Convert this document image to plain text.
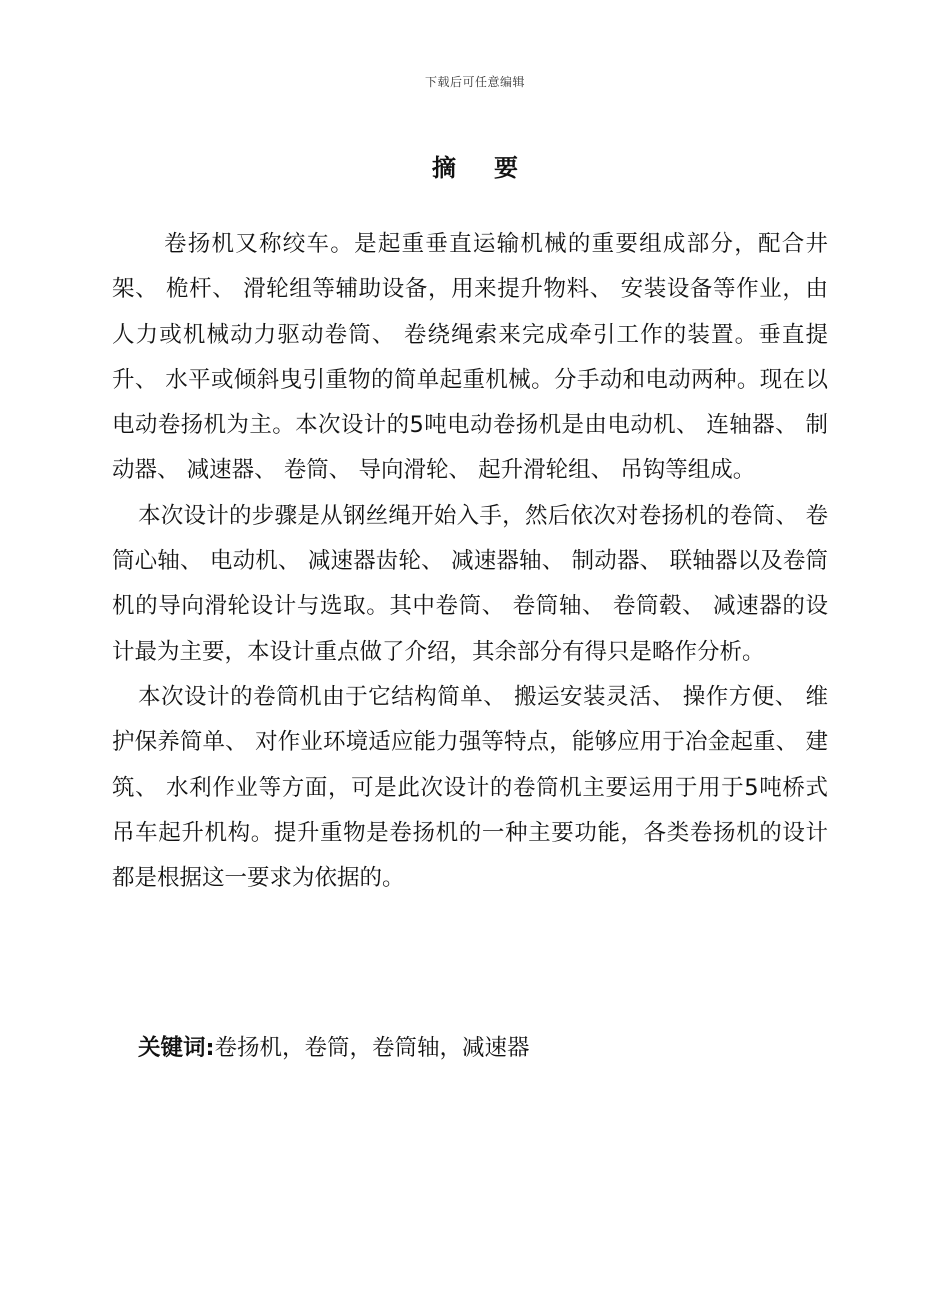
下载后可任意编辑
摘要

卷扬机又称绞车。是起重垂直运输机械的重要组成部分，配合井架、 桅杆、 滑轮组等辅助设备，用来提升物料、 安装设备等作业，由人力或机械动力驱动卷筒、 卷绕绳索来完成牵引工作的装置。垂直提升、 水平或倾斜曳引重物的简单起重机械。分手动和电动两种。现在以电动卷扬机为主。本次设计的5吨电动卷扬机是由电动机、 连轴器、 制动器、 减速器、 卷筒、 导向滑轮、 起升滑轮组、 吊钩等组成。

本次设计的步骤是从钢丝绳开始入手，然后依次对卷扬机的卷筒、 卷筒心轴、 电动机、 减速器齿轮、 减速器轴、 制动器、 联轴器以及卷筒机的导向滑轮设计与选取。其中卷筒、 卷筒轴、 卷筒毂、 减速器的设计最为主要，本设计重点做了介绍，其余部分有得只是略作分析。

本次设计的卷筒机由于它结构简单、 搬运安装灵活、 操作方便、 维护保养简单、 对作业环境适应能力强等特点，能够应用于冶金起重、 建筑、 水利作业等方面，可是此次设计的卷筒机主要运用于用于5吨桥式吊车起升机构。提升重物是卷扬机的一种主要功能，各类卷扬机的设计都是根据这一要求为依据的。

关键词:卷扬机，卷筒，卷筒轴，减速器
